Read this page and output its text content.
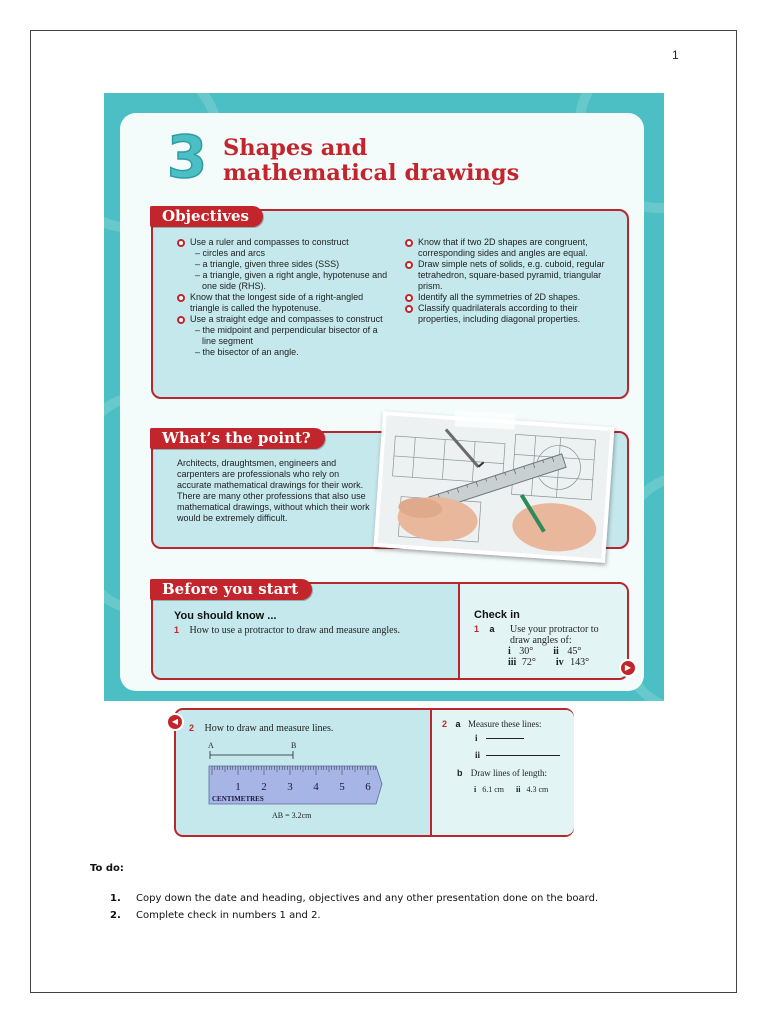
1
3 Shapes and
mathematical drawings
Objectives
Use a ruler and compasses to construct
– circles and arcs
– a triangle, given three sides (SSS)
– a triangle, given a right angle, hypotenuse and one side (RHS).
Know that the longest side of a right-angled triangle is called the hypotenuse.
Use a straight edge and compasses to construct
– the midpoint and perpendicular bisector of a line segment
– the bisector of an angle.
Know that if two 2D shapes are congruent, corresponding sides and angles are equal.
Draw simple nets of solids, e.g. cuboid, regular tetrahedron, square-based pyramid, triangular prism.
Identify all the symmetries of 2D shapes.
Classify quadrilaterals according to their properties, including diagonal properties.
What’s the point?
Architects, draughtsmen, engineers and carpenters are professionals who rely on accurate mathematical drawings for their work. There are many other professions that also use mathematical drawings, without which their work would be extremely difficult.
Before you start
You should know ...
1 How to use a protractor to draw and measure angles.
Check in
1 a	Use your protractor to draw angles of:
i 30° ii 45°
iii 72° iv 143°	▶
◀
2 How to draw and measure lines.
A	B
1 2 3 4 5 6
CENTIMETRES
AB = 3.2cm
2 a Measure these lines:
i
ii
b Draw lines of length:
i 6.1 cm ii 4.3 cm
To do:
1. Copy down the date and heading, objectives and any other presentation done on the board.
2. Complete check in numbers 1 and 2.
